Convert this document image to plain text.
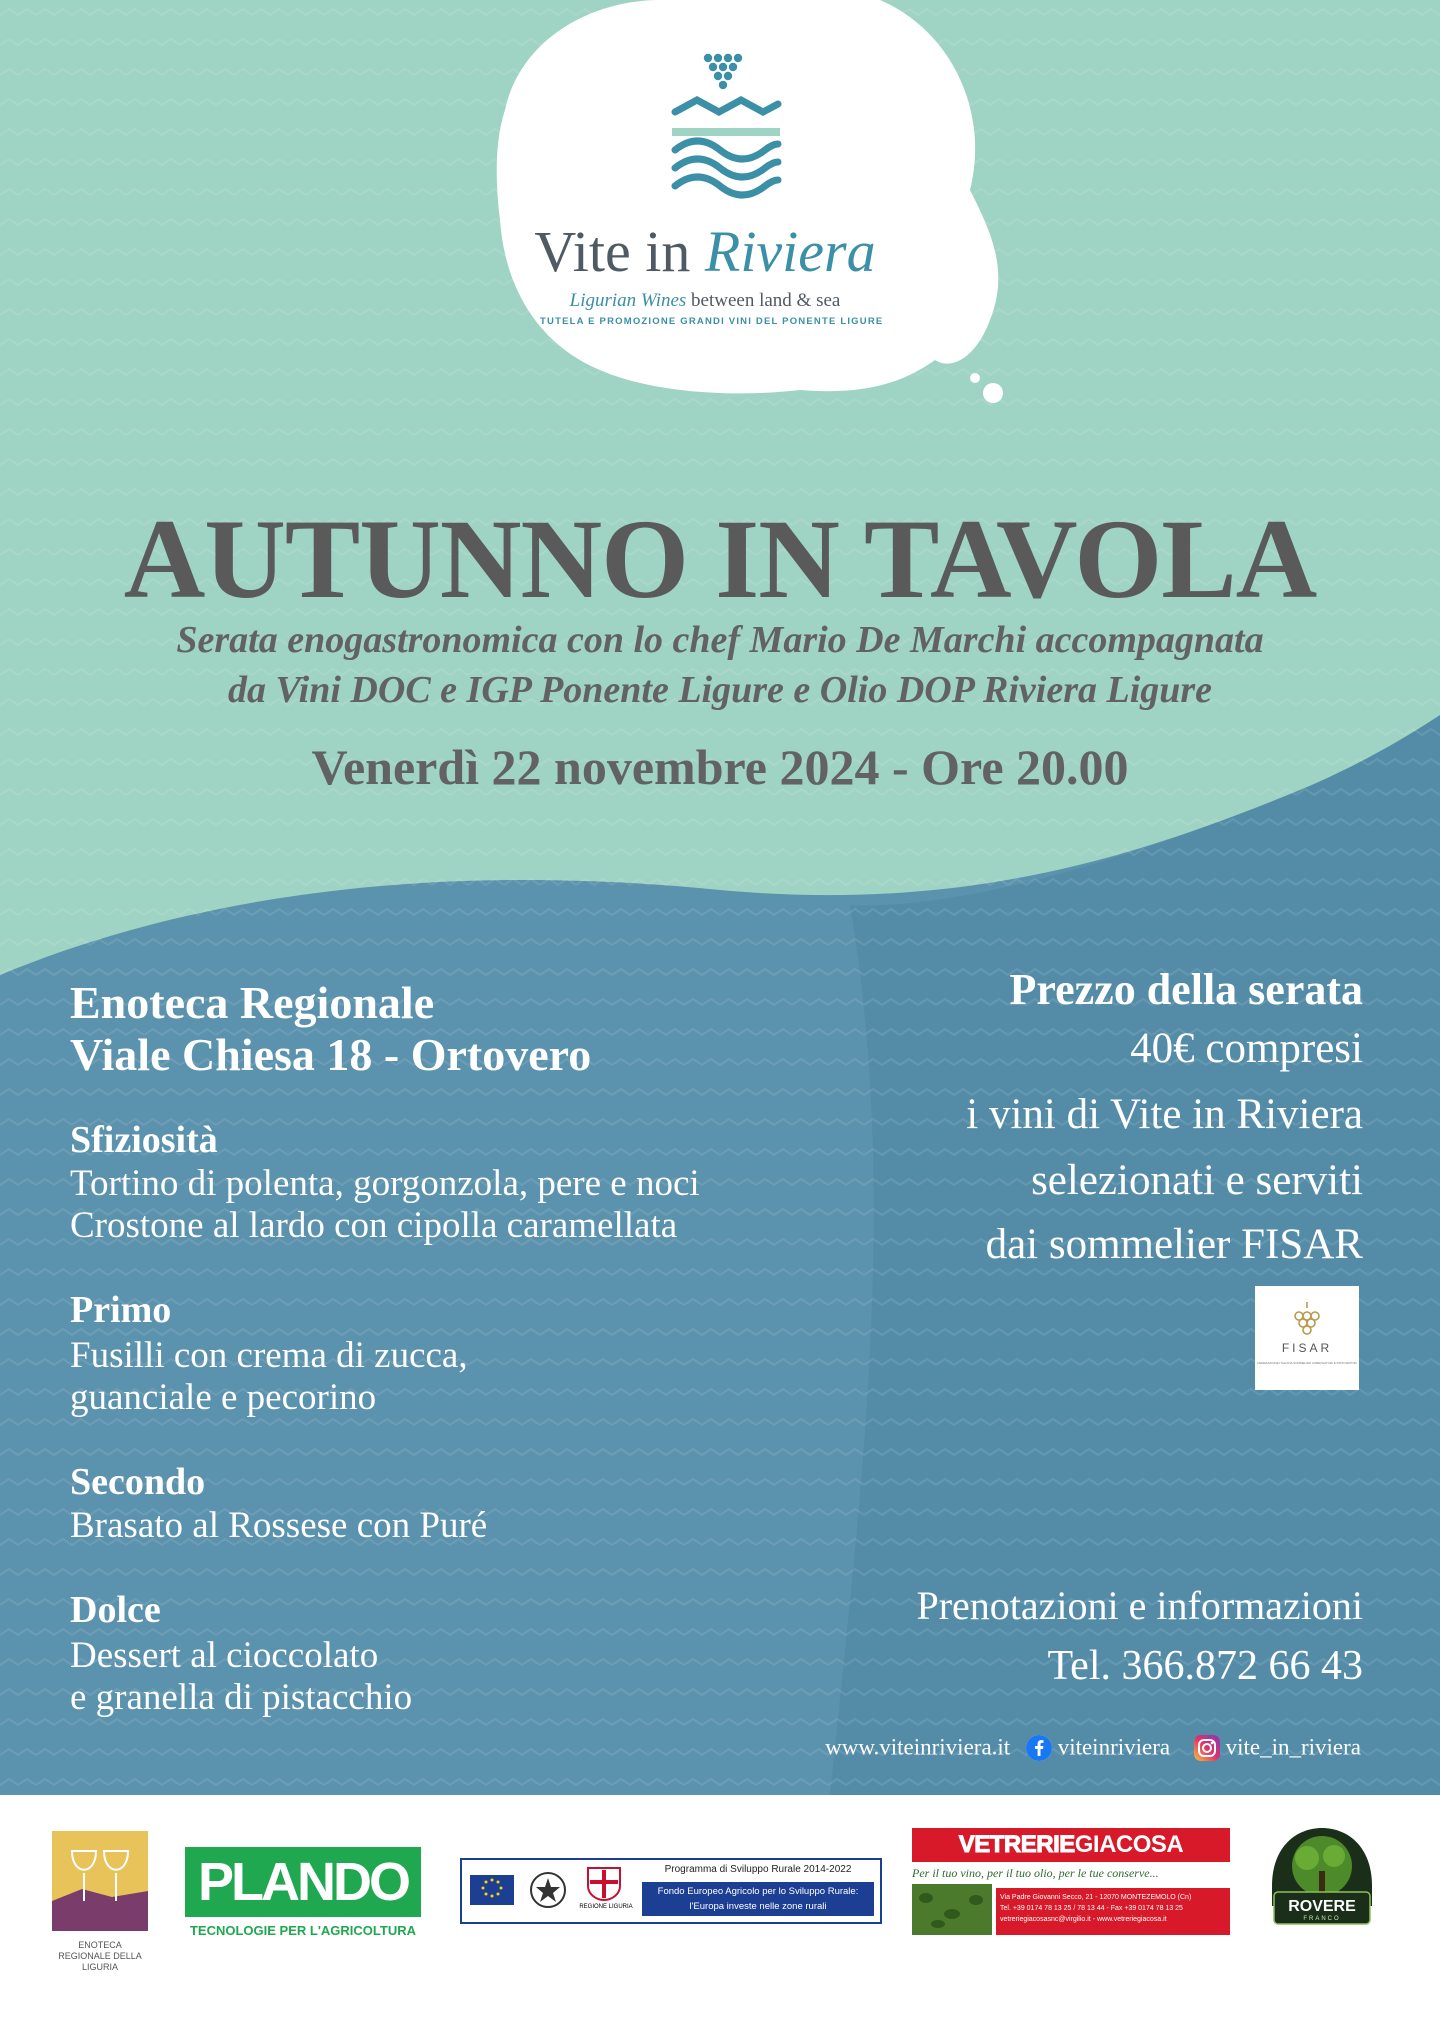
Vite in Riviera
Ligurian Wines between land & sea
TUTELA E PROMOZIONE GRANDI VINI DEL PONENTE LIGURE
AUTUNNO IN TAVOLA
Serata enogastronomica con lo chef Mario De Marchi accompagnata
da Vini DOC e IGP Ponente Ligure e Olio DOP Riviera Ligure
Venerdì 22 novembre 2024 - Ore 20.00
Enoteca Regionale
Viale Chiesa 18 - Ortovero
Sfiziosità
Tortino di polenta, gorgonzola, pere e noci
Crostone al lardo con cipolla caramellata
Primo
Fusilli con crema di zucca,
guanciale e pecorino
Secondo
Brasato al Rossese con Puré
Dolce
Dessert al cioccolato
e granella di pistacchio
Prezzo della serata
40€ compresi
i vini di Vite in Riviera
selezionati e serviti
dai sommelier FISAR
FISAR
FEDERAZIONE ITALIANA SOMMELIER ALBERGATORI E RISTORATORI
Prenotazioni e informazioni
Tel. 366.872 66 43
www.viteinriviera.it viteinriviera vite_in_riviera
ENOTECA REGIONALE DELLA LIGURIA
PLANDO
TECNOLOGIE PER L'AGRICOLTURA
REGIONE LIGURIA
Programma di Sviluppo Rurale 2014-2022
Fondo Europeo Agricolo per lo Sviluppo Rurale:
l'Europa investe nelle zone rurali
VETRERIE GIACOSA
Per il tuo vino, per il tuo olio, per le tue conserve...
Via Padre Giovanni Secco, 21 - 12070 MONTEZEMOLO (Cn)
Tel. +39 0174 78 13 25 / 78 13 44 - Fax +39 0174 78 13 25
vetreriegiacosasnc@virgilio.it - www.vetreriegiacosa.it
ROVERE
FRANCO
